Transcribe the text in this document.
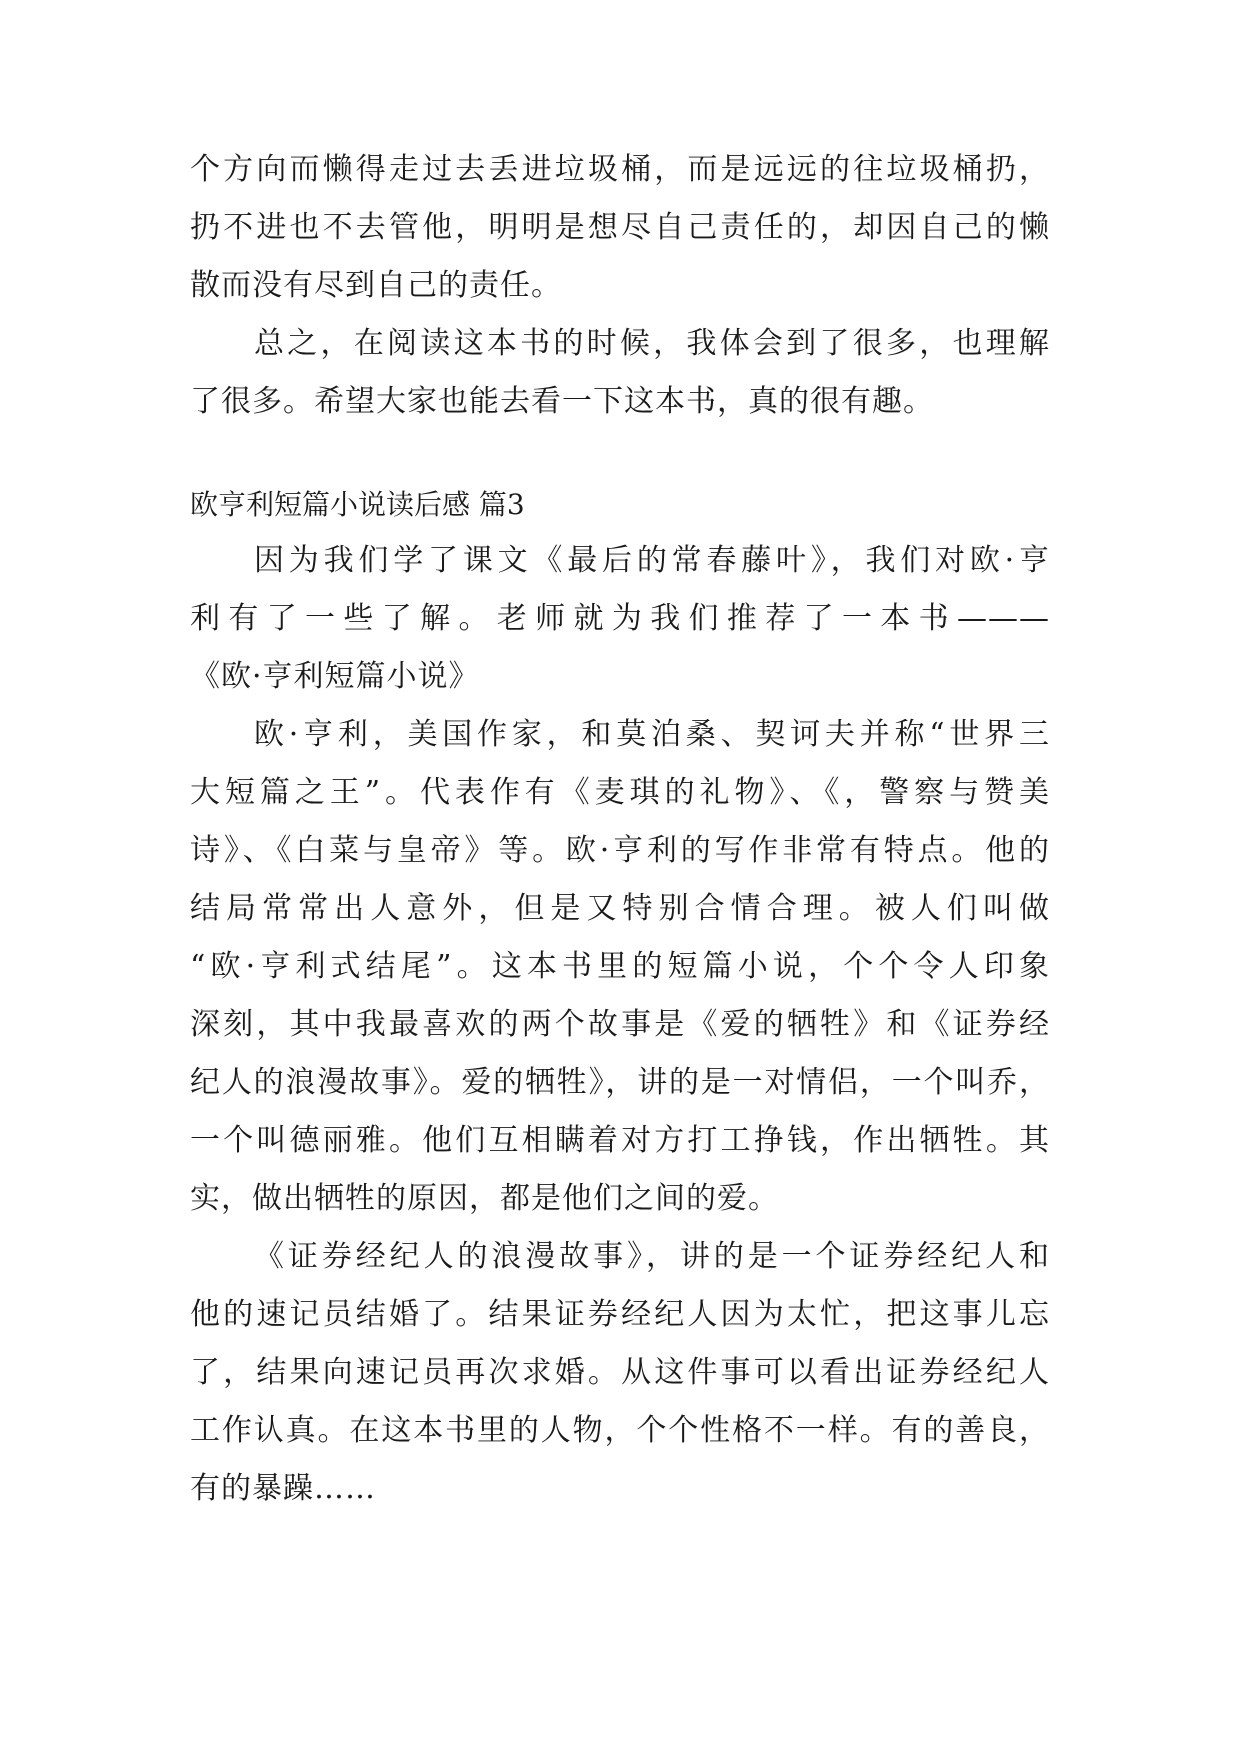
个方向而懒得走过去丢进垃圾桶，而是远远的往垃圾桶扔，
扔不进也不去管他，明明是想尽自己责任的，却因自己的懒
散而没有尽到自己的责任。
总之，在阅读这本书的时候，我体会到了很多，也理解
了很多。希望大家也能去看一下这本书，真的很有趣。
欧亨利短篇小说读后感 篇3
因为我们学了课文《最后的常春藤叶》，我们对欧·亨
利有了一些了解。老师就为我们推荐了一本书———
《欧·亨利短篇小说》
欧·亨利，美国作家，和莫泊桑、契诃夫并称“世界三
大短篇之王”。代表作有《麦琪的礼物》、《，警察与赞美
诗》、《白菜与皇帝》等。欧·亨利的写作非常有特点。他的
结局常常出人意外，但是又特别合情合理。被人们叫做
“欧·亨利式结尾”。这本书里的短篇小说，个个令人印象
深刻，其中我最喜欢的两个故事是《爱的牺牲》和《证券经
纪人的浪漫故事》。爱的牺牲》，讲的是一对情侣，一个叫乔，
一个叫德丽雅。他们互相瞒着对方打工挣钱，作出牺牲。其
实，做出牺牲的原因，都是他们之间的爱。
《证券经纪人的浪漫故事》，讲的是一个证券经纪人和
他的速记员结婚了。结果证券经纪人因为太忙，把这事儿忘
了，结果向速记员再次求婚。从这件事可以看出证券经纪人
工作认真。在这本书里的人物，个个性格不一样。有的善良，
有的暴躁……
